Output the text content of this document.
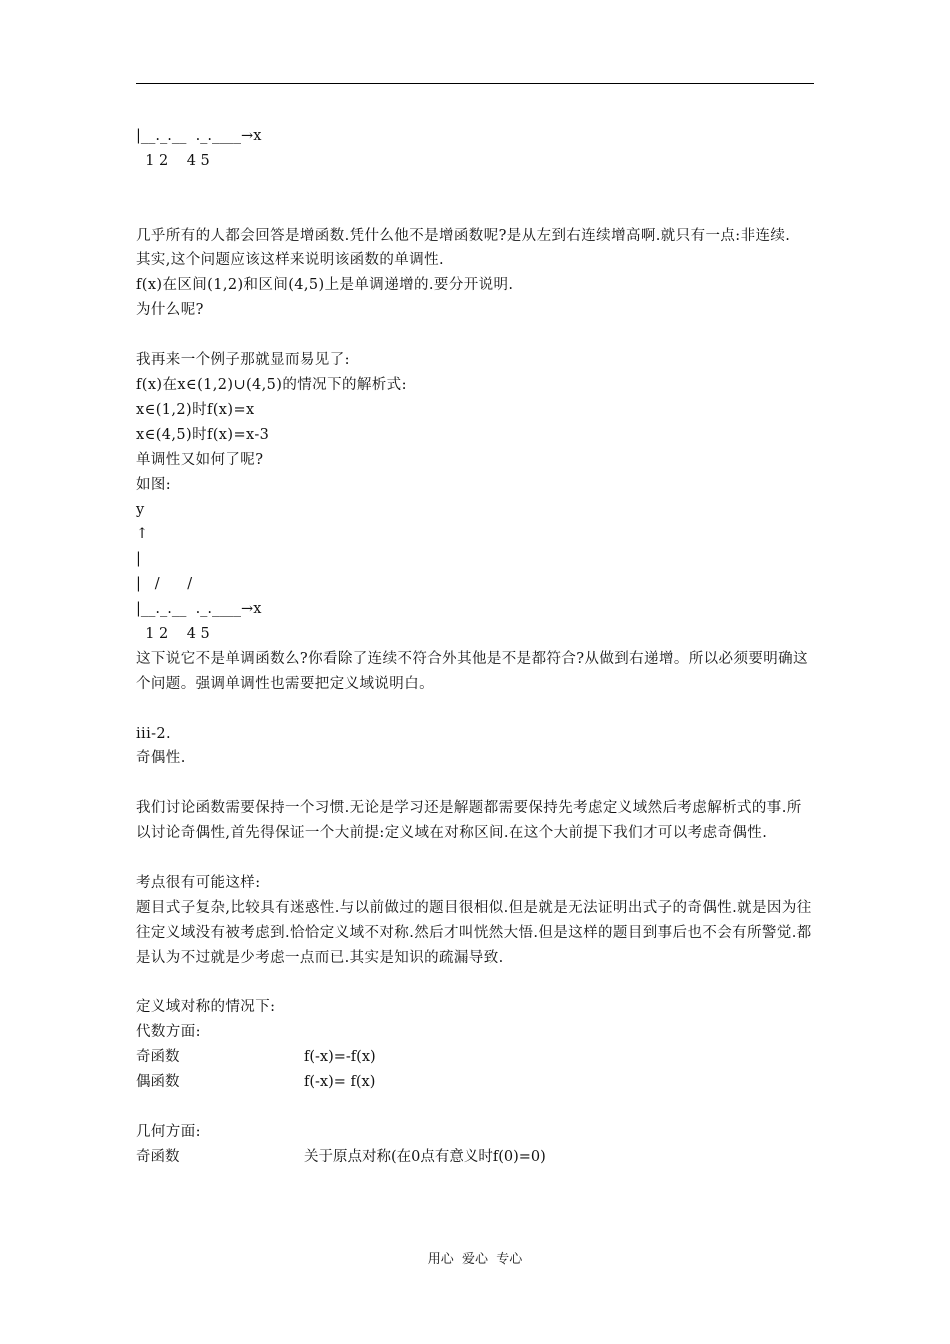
|__._.__  ._.____→x
1 2    4 5
几乎所有的人都会回答是增函数.凭什么他不是增函数呢?是从左到右连续增高啊.就只有一点:非连续.
其实,这个问题应该这样来说明该函数的单调性.
f(x)在区间(1,2)和区间(4,5)上是单调递增的.要分开说明.
为什么呢?
我再来一个例子那就显而易见了:
f(x)在x∈(1,2)∪(4,5)的情况下的解析式:
x∈(1,2)时f(x)=x
x∈(4,5)时f(x)=x-3
单调性又如何了呢?
如图:
y
↑
|
|   /      /
|__._.__  ._.____→x
1 2    4 5
这下说它不是单调函数么?你看除了连续不符合外其他是不是都符合?从做到右递增。所以必须要明确这个问题。强调单调性也需要把定义域说明白。
iii-2.
奇偶性.
我们讨论函数需要保持一个习惯.无论是学习还是解题都需要保持先考虑定义域然后考虑解析式的事.所以讨论奇偶性,首先得保证一个大前提:定义域在对称区间.在这个大前提下我们才可以考虑奇偶性.
考点很有可能这样:
题目式子复杂,比较具有迷惑性.与以前做过的题目很相似.但是就是无法证明出式子的奇偶性.就是因为往往定义域没有被考虑到.恰恰定义域不对称.然后才叫恍然大悟.但是这样的题目到事后也不会有所警觉.都是认为不过就是少考虑一点而已.其实是知识的疏漏导致.
定义域对称的情况下:
代数方面:
奇函数	f(-x)=-f(x)
偶函数	f(-x)= f(x)
几何方面:
奇函数	关于原点对称(在0点有意义时f(0)=0)
用心  爱心  专心
